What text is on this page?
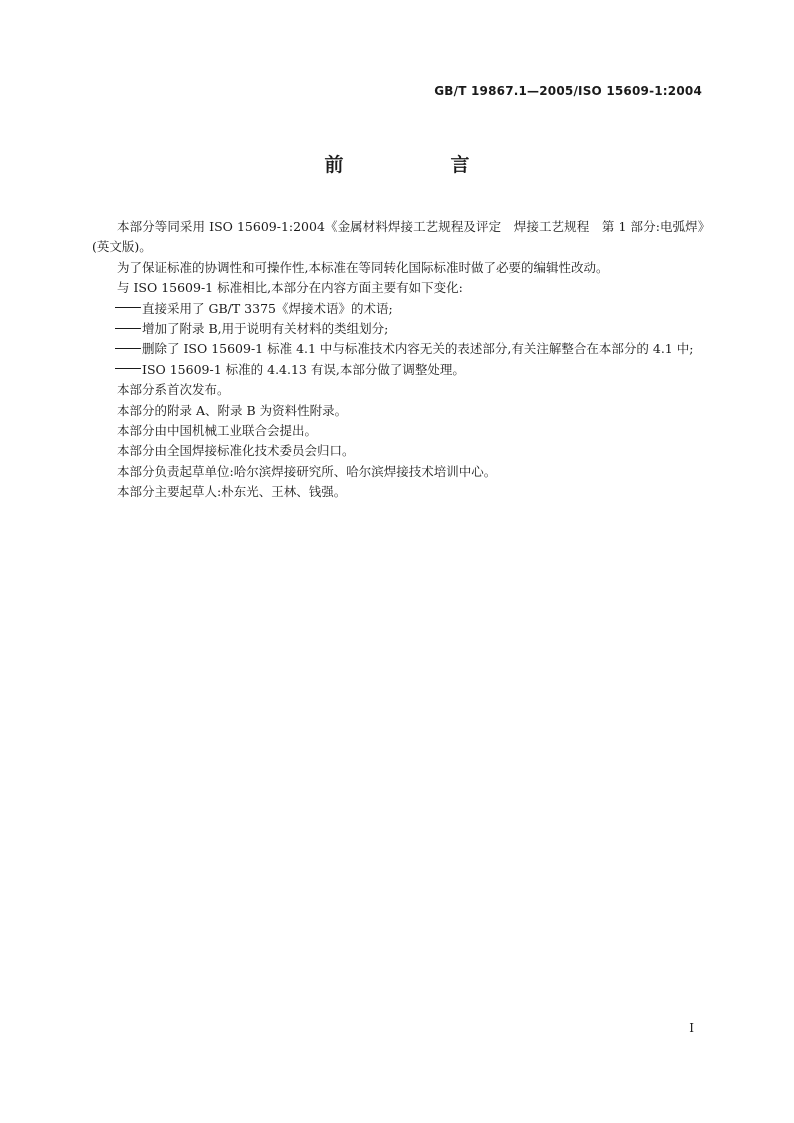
GB/T 19867.1—2005/ISO 15609-1:2004
前　言

本部分等同采用 ISO 15609-1:2004《金属材料焊接工艺规程及评定　焊接工艺规程　第 1 部分:电弧焊》(英文版)。

为了保证标准的协调性和可操作性,本标准在等同转化国际标准时做了必要的编辑性改动。

与 ISO 15609-1 标准相比,本部分在内容方面主要有如下变化:

直接采用了 GB/T 3375《焊接术语》的术语;

增加了附录 B,用于说明有关材料的类组划分;

删除了 ISO 15609-1 标准 4.1 中与标准技术内容无关的表述部分,有关注解整合在本部分的 4.1 中;

ISO 15609-1 标准的 4.4.13 有误,本部分做了调整处理。

本部分系首次发布。

本部分的附录 A、附录 B 为资料性附录。

本部分由中国机械工业联合会提出。

本部分由全国焊接标准化技术委员会归口。

本部分负责起草单位:哈尔滨焊接研究所、哈尔滨焊接技术培训中心。

本部分主要起草人:朴东光、王林、钱强。

I
